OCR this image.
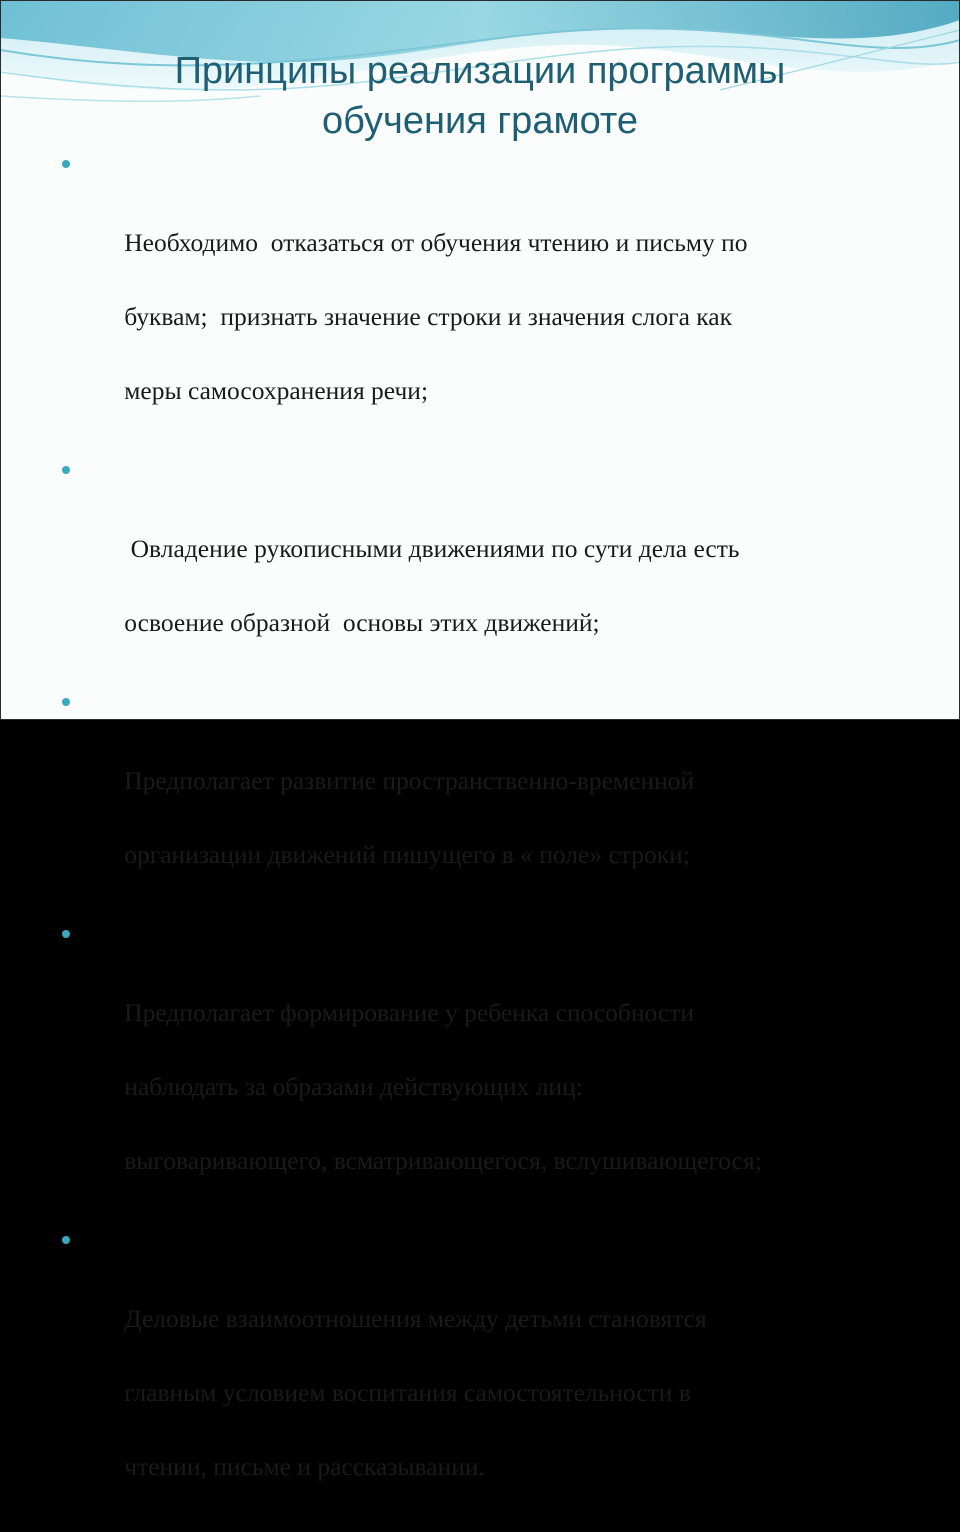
Принципы реализации программы
обучения грамоте

Необходимо  отказаться от обучения чтению и письму по

буквам;  признать значение строки и значения слога как

меры самосохранения речи;

Овладение рукописными движениями по сути дела есть

освоение образной  основы этих движений;

Предполагает развитие пространственно-временной

организации движений пишущего в « поле» строки;

Предполагает формирование у ребенка способности

наблюдать за образами действующих лиц:

выговаривающего, всматривающегося, вслушивающегося;

Деловые взаимоотношения между детьми становятся

главным условием воспитания самостоятельности в

чтении, письме и рассказывании.
